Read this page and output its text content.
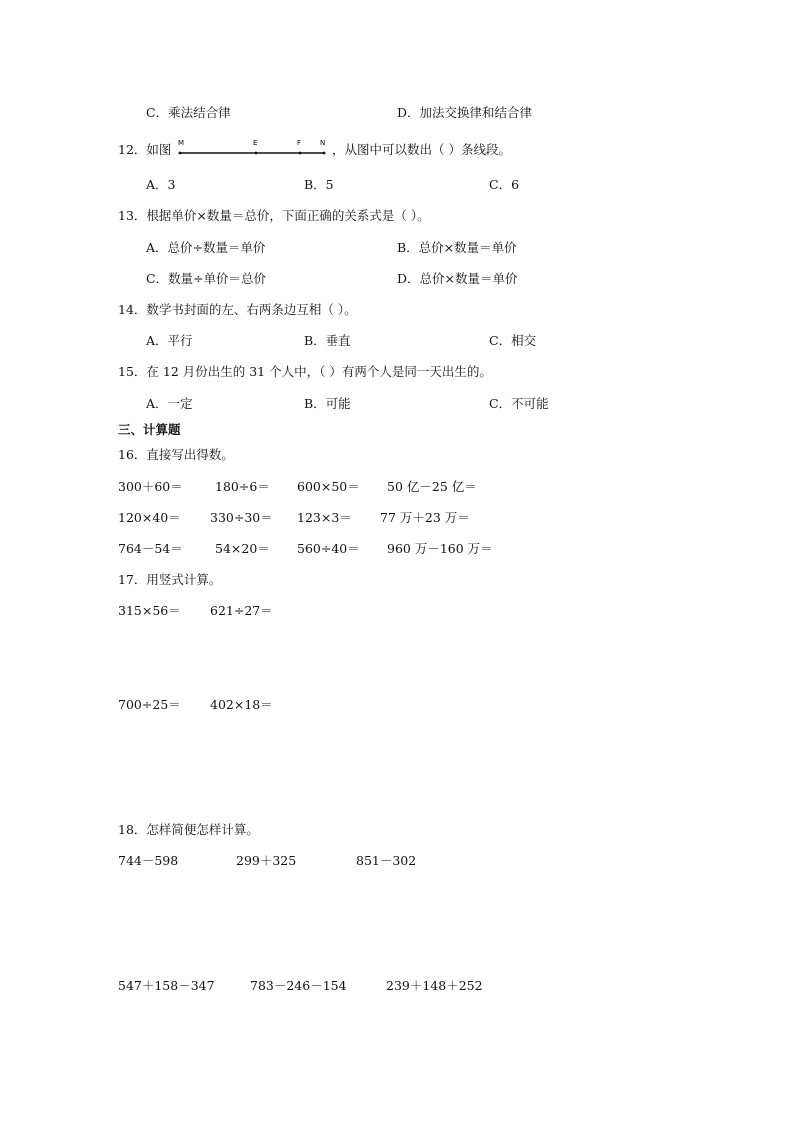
C．乘法结合律	D．加法交换律和结合律
12．如图 M	E	F	N ，从图中可以数出（ ）条线段。
A．3	B．5	C．6
13．根据单价×数量＝总价，下面正确的关系式是（ ）。
A．总价÷数量＝单价	B．总价×数量＝单价
C．数量÷单价＝总价	D．总价×数量＝单价
14．数学书封面的左、右两条边互相（ ）。
A．平行	B．垂直	C．相交
15．在 12 月份出生的 31 个人中，（ ）有两个人是同一天出生的。
A．一定	B．可能	C．不可能
三、计算题
16．直接写出得数。
300＋60＝	180÷6＝ 600×50＝ 50 亿－25 亿＝
120×40＝ 330÷30＝ 123×3＝ 77 万＋23 万＝
764－54＝	54×20＝ 560÷40＝ 960 万－160 万＝
17．用竖式计算。
315×56＝ 621÷27＝
700÷25＝ 402×18＝
18．怎样简便怎样计算。
744－598	299＋325	851－302
547＋158－347	783－246－154	239＋148＋252
